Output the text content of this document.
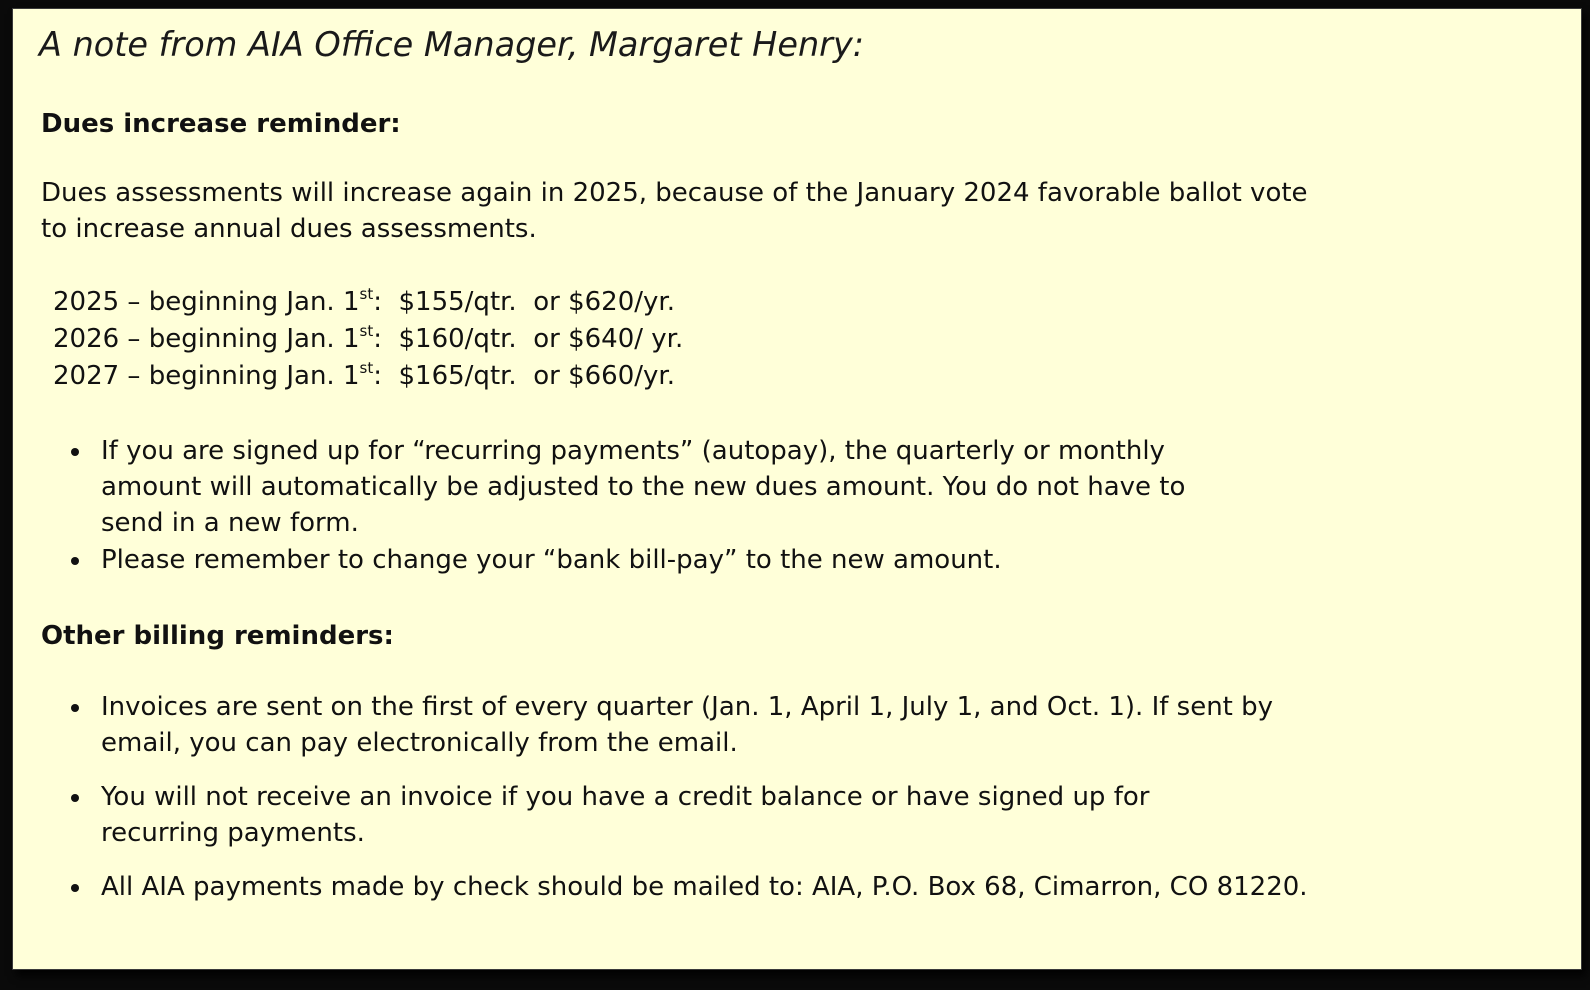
A note from AIA Office Manager, Margaret Henry:
Dues increase reminder:
Dues assessments will increase again in 2025, because of the January 2024 favorable ballot vote
to increase annual dues assessments.

2025 – beginning Jan. 1st:  $155/qtr.  or $620/yr.

2026 – beginning Jan. 1st:  $160/qtr.  or $640/ yr.

2027 – beginning Jan. 1st:  $165/qtr.  or $660/yr.

If you are signed up for “recurring payments” (autopay), the quarterly or monthly
amount will automatically be adjusted to the new dues amount. You do not have to
send in a new form.
Please remember to change your “bank bill-pay” to the new amount.
Other billing reminders:
Invoices are sent on the first of every quarter (Jan. 1, April 1, July 1, and Oct. 1). If sent by
email, you can pay electronically from the email.
You will not receive an invoice if you have a credit balance or have signed up for
recurring payments.
All AIA payments made by check should be mailed to: AIA, P.O. Box 68, Cimarron, CO 81220.
